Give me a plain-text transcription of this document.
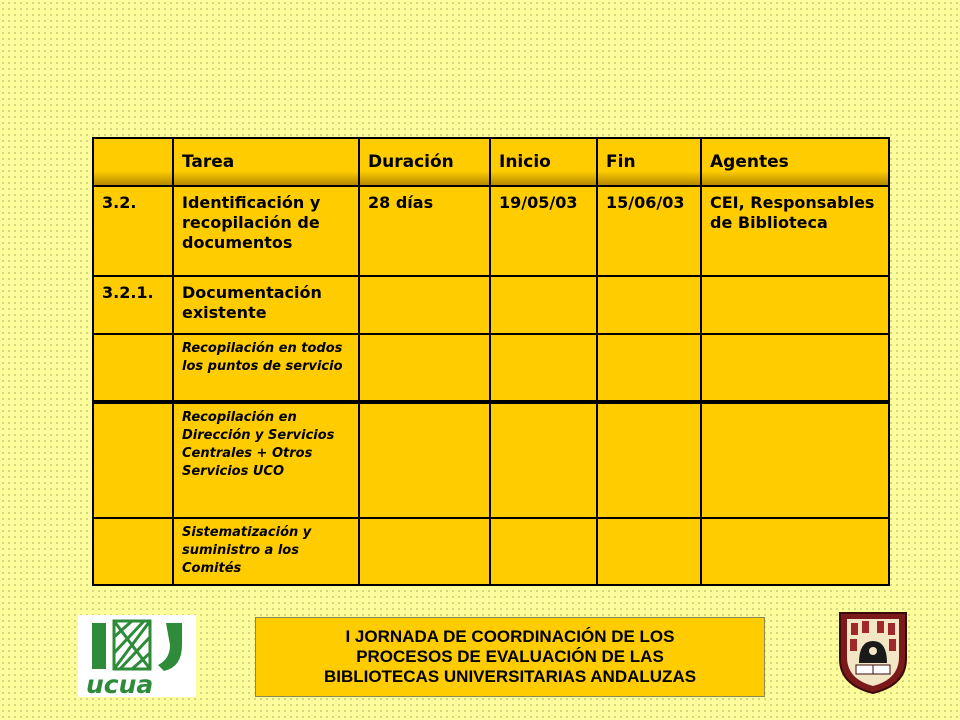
	Tarea	Duración	Inicio	Fin	Agentes
3.2.	Identificación y recopilación de documentos	28 días	19/05/03	15/06/03	CEI, Responsables de Biblioteca
3.2.1.	Documentación existente				
	Recopilación en todos los puntos de servicio				
	Recopilación en Dirección y Servicios Centrales + Otros Servicios UCO				
	Sistematización y suministro a los Comités				
ucua
I JORNADA DE COORDINACIÓN DE LOS
PROCESOS DE EVALUACIÓN DE LAS
BIBLIOTECAS UNIVERSITARIAS ANDALUZAS
